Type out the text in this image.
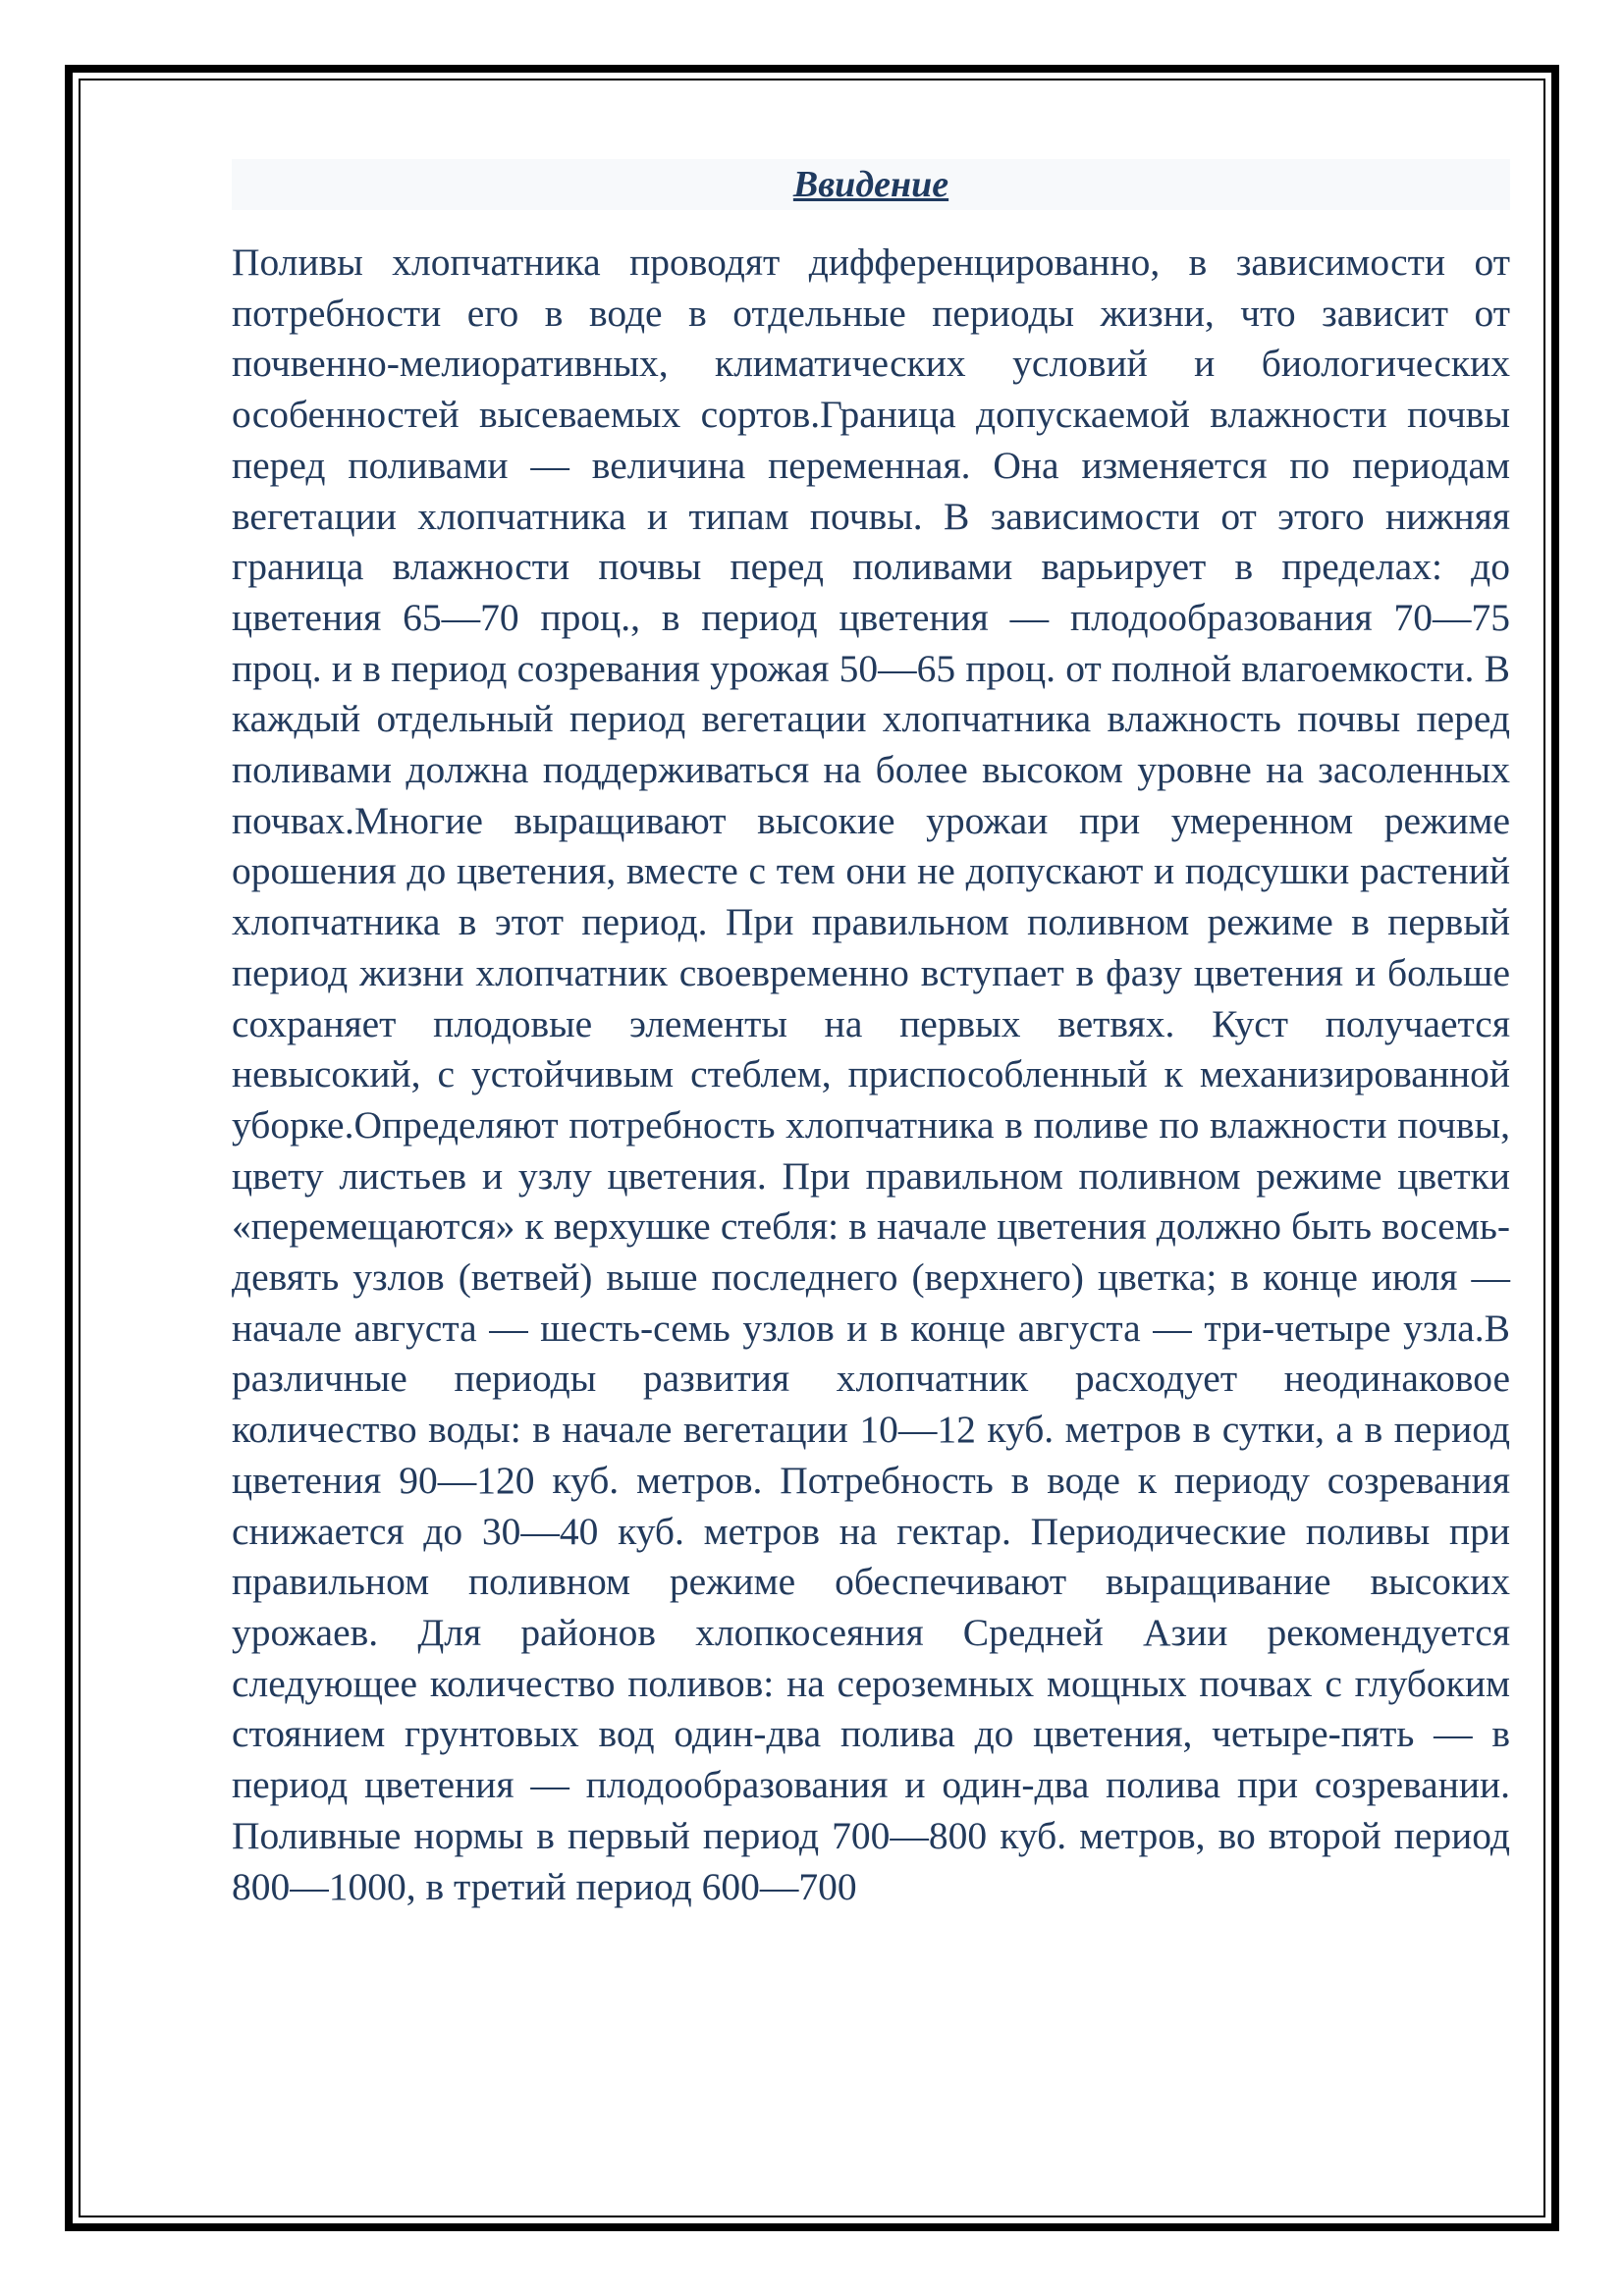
Ввидение

Поливы хлопчатника проводят дифференцированно, в зависимости от потребности его в воде в отдельные периоды жизни, что зависит от почвенно-мелиоративных, климатических условий и биологических особенностей высеваемых сортов.Граница допускаемой влажности почвы перед поливами — величина переменная. Она изменяется по периодам вегетации хлопчатника и типам почвы. В зависимости от этого нижняя граница влажности почвы перед поливами варьирует в пределах: до цветения 65—70 проц., в период цветения — плодообразования 70—75 проц. и в период созревания урожая 50—65 проц. от полной влагоемкости. В каждый отдельный период вегетации хлопчатника влажность почвы перед поливами должна поддерживаться на более высоком уровне на засоленных почвах.Многие выращивают высокие урожаи при умеренном режиме орошения до цветения, вместе с тем они не допускают и подсушки растений хлопчатника в этот период. При правильном поливном режиме в первый период жизни хлопчатник своевременно вступает в фазу цветения и больше сохраняет плодовые элементы на первых ветвях. Куст получается невысокий, с устойчивым стеблем, приспособленный к механизированной уборке.Определяют потребность хлопчатника в поливе по влажности почвы, цвету листьев и узлу цветения. При правильном поливном режиме цветки «перемещаются» к верхушке стебля: в начале цветения должно быть восемь-девять узлов (ветвей) выше последнего (верхнего) цветка; в конце июля — начале августа — шесть-семь узлов и в конце августа — три-четыре узла.В различные периоды развития хлопчатник расходует неодинаковое количество воды: в начале вегетации 10—12 куб. метров в сутки, а в период цветения 90—120 куб. метров. Потребность в воде к периоду созревания снижается до 30—40 куб. метров на гектар. Периодические поливы при правильном поливном режиме обеспечивают выращивание высоких урожаев. Для районов хлопкосеяния Средней Азии рекомендуется следующее количество поливов: на сероземных мощных почвах с глубоким стоянием грунтовых вод один-два полива до цветения, четыре-пять — в период цветения — плодообразования и один-два полива при созревании. Поливные нормы в первый период 700—800 куб. метров, во второй период 800—1000, в третий период 600—700
